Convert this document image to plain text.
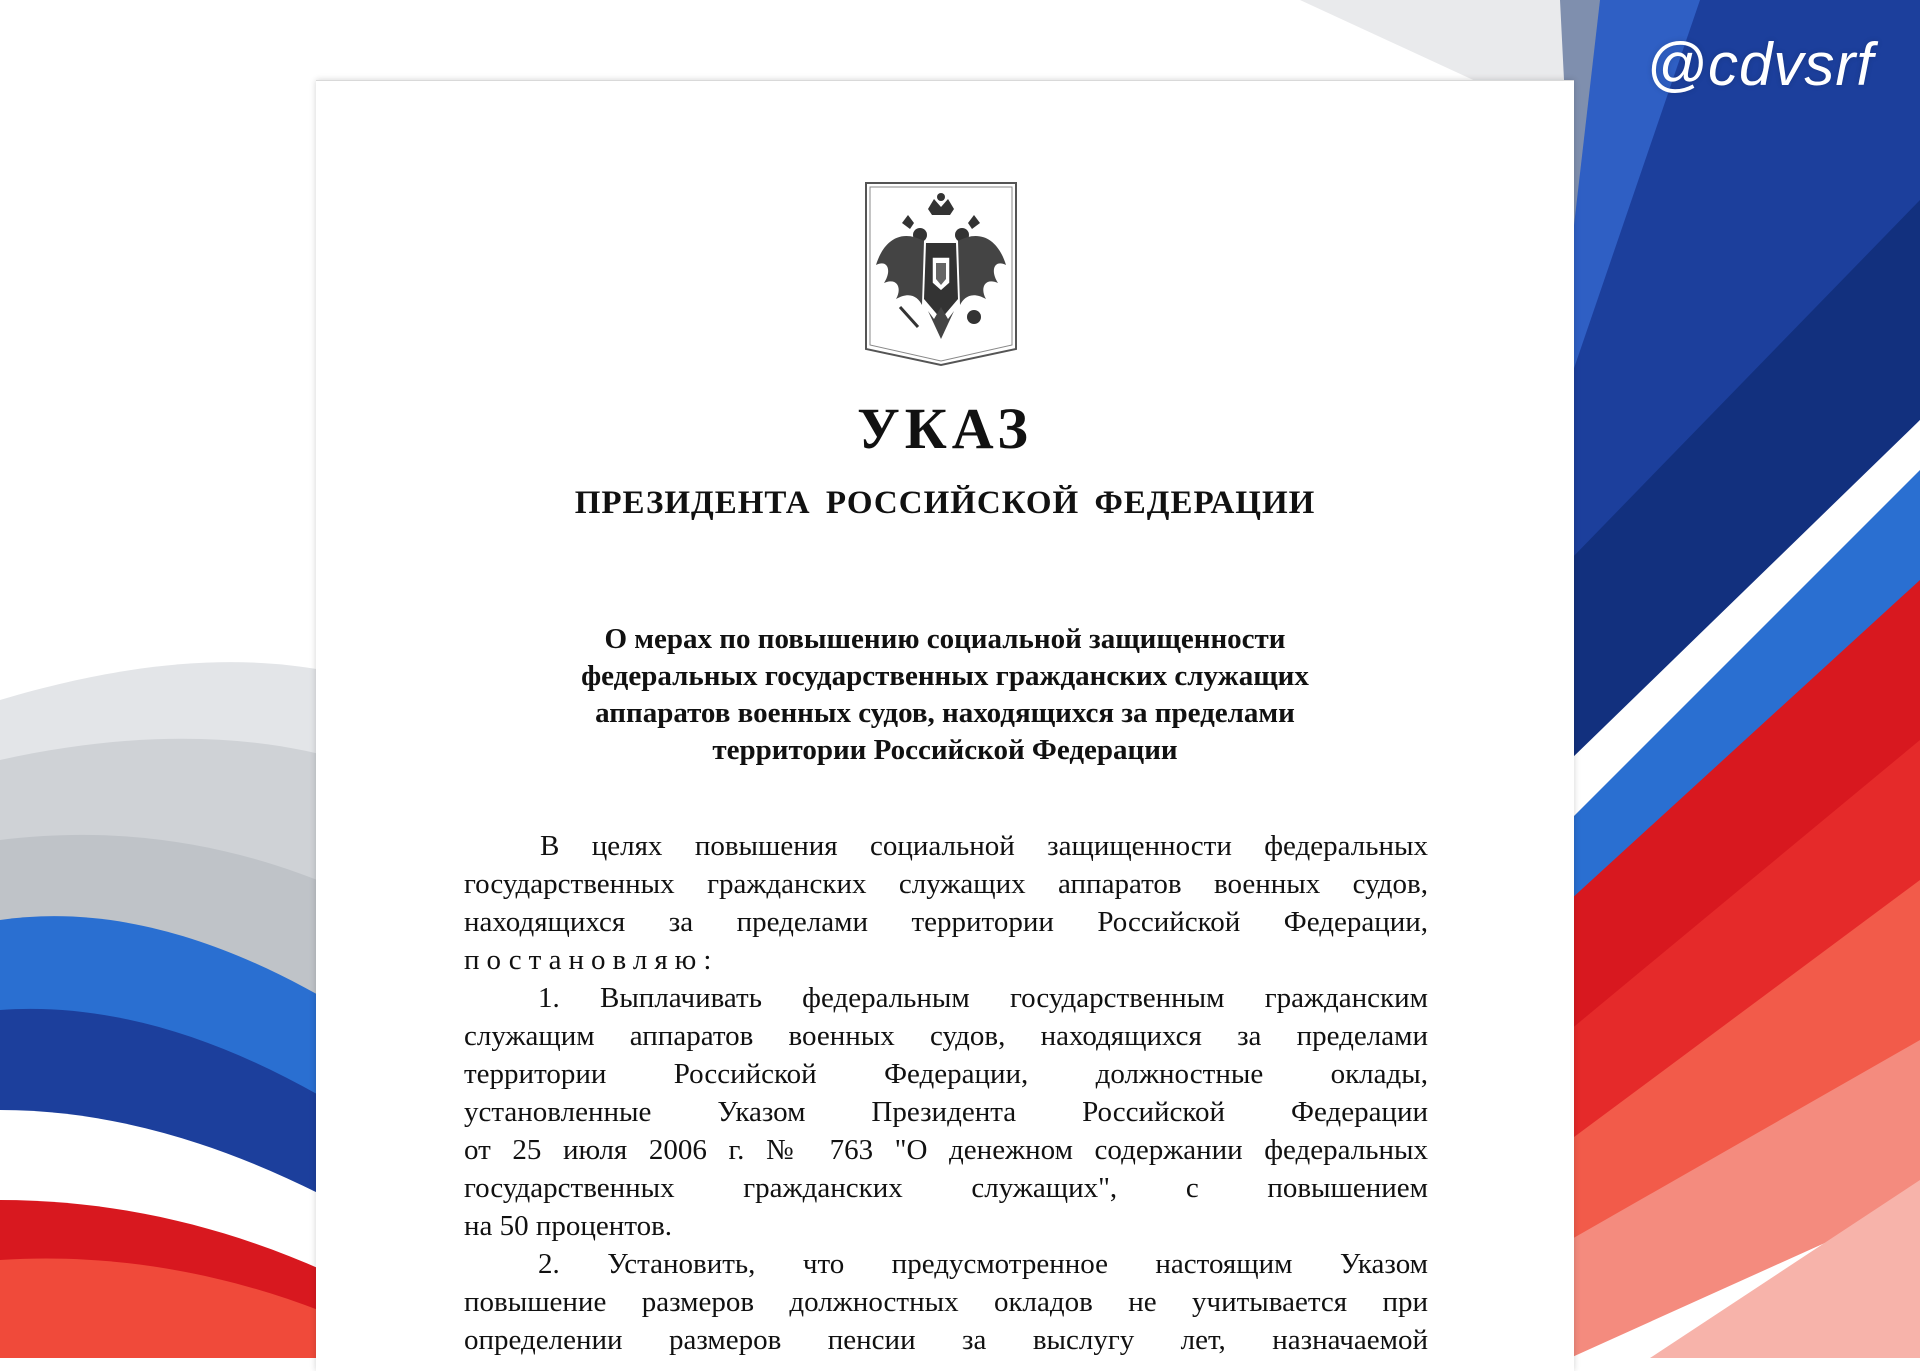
@cdvsrf
УКАЗ
ПРЕЗИДЕНТА РОССИЙСКОЙ ФЕДЕРАЦИИ
О мерах по повышению социальной защищенности
федеральных государственных гражданских служащих
аппаратов военных судов, находящихся за пределами
территории Российской Федерации
В целях повышения социальной защищенности федеральных
государственных гражданских служащих аппаратов военных судов,
находящихся за пределами территории Российской Федерации,
постановляю:
1. Выплачивать федеральным государственным гражданским
служащим аппаратов военных судов, находящихся за пределами
территории Российской Федерации, должностные оклады,
установленные Указом Президента Российской Федерации
от 25 июля 2006 г. № 763 "О денежном содержании федеральных
государственных гражданских служащих", с повышением
на 50 процентов.
2. Установить, что предусмотренное настоящим Указом
повышение размеров должностных окладов не учитывается при
определении размеров пенсии за выслугу лет, назначаемой
